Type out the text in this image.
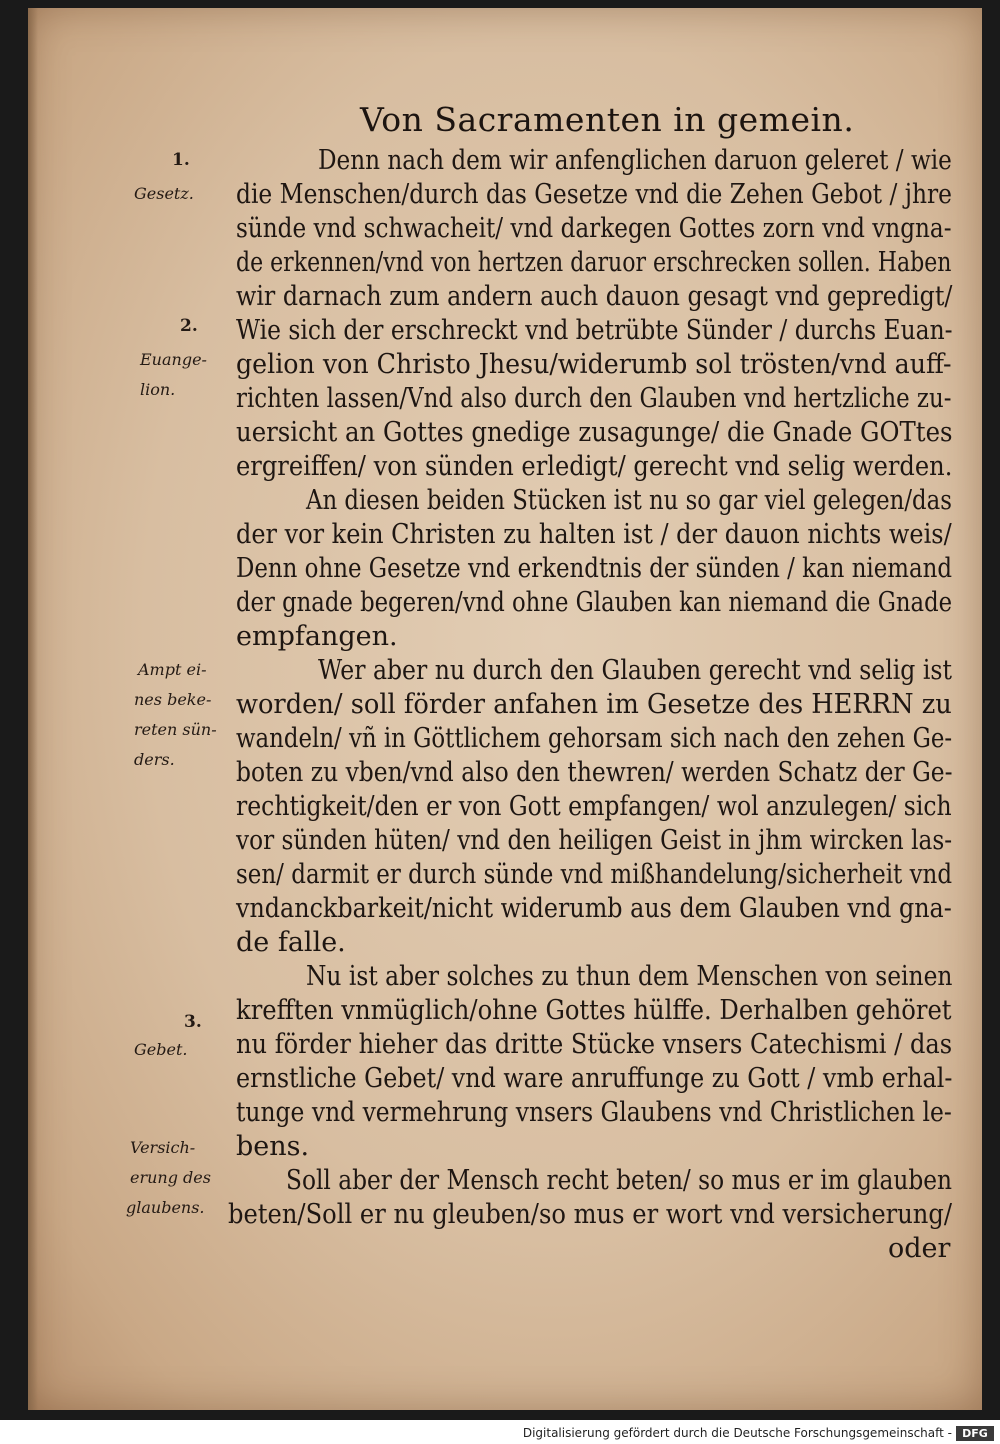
Von Sacramenten in gemein.
1.
Gesetz.
2.
Euange-
lion.
Ampt ei-
nes beke-
reten sün-
ders.
3.
Gebet.
Versich-
erung des
glaubens.
Denn nach dem wir anfenglichen daruon geleret / wie
die Menschen/durch das Gesetze vnd die Zehen Gebot / jhre
sünde vnd schwacheit/ vnd darkegen Gottes zorn vnd vngna-
de erkennen/vnd von hertzen daruor erschrecken sollen. Haben
wir darnach zum andern auch dauon gesagt vnd gepredigt/
Wie sich der erschreckt vnd betrübte Sünder / durchs Euan-
gelion von Christo Jhesu/widerumb sol trösten/vnd auff-
richten lassen/Vnd also durch den Glauben vnd hertzliche zu-
uersicht an Gottes gnedige zusagunge/ die Gnade GOTtes
ergreiffen/ von sünden erledigt/ gerecht vnd selig werden.
An diesen beiden Stücken ist nu so gar viel gelegen/das
der vor kein Christen zu halten ist / der dauon nichts weis/
Denn ohne Gesetze vnd erkendtnis der sünden / kan niemand
der gnade begeren/vnd ohne Glauben kan niemand die Gnade
empfangen.
Wer aber nu durch den Glauben gerecht vnd selig ist
worden/ soll förder anfahen im Gesetze des HERRN zu
wandeln/ vñ in Göttlichem gehorsam sich nach den zehen Ge-
boten zu vben/vnd also den thewren/ werden Schatz der Ge-
rechtigkeit/den er von Gott empfangen/ wol anzulegen/ sich
vor sünden hüten/ vnd den heiligen Geist in jhm wircken las-
sen/ darmit er durch sünde vnd mißhandelung/sicherheit vnd
vndanckbarkeit/nicht widerumb aus dem Glauben vnd gna-
de falle.
Nu ist aber solches zu thun dem Menschen von seinen
krefften vnmüglich/ohne Gottes hülffe. Derhalben gehöret
nu förder hieher das dritte Stücke vnsers Catechismi / das
ernstliche Gebet/ vnd ware anruffunge zu Gott / vmb erhal-
tunge vnd vermehrung vnsers Glaubens vnd Christlichen le-
bens.
Soll aber der Mensch recht beten/ so mus er im glauben
beten/Soll er nu gleuben/so mus er wort vnd versicherung/
oder
Digitalisierung gefördert durch die Deutsche Forschungsgemeinschaft - DFG
